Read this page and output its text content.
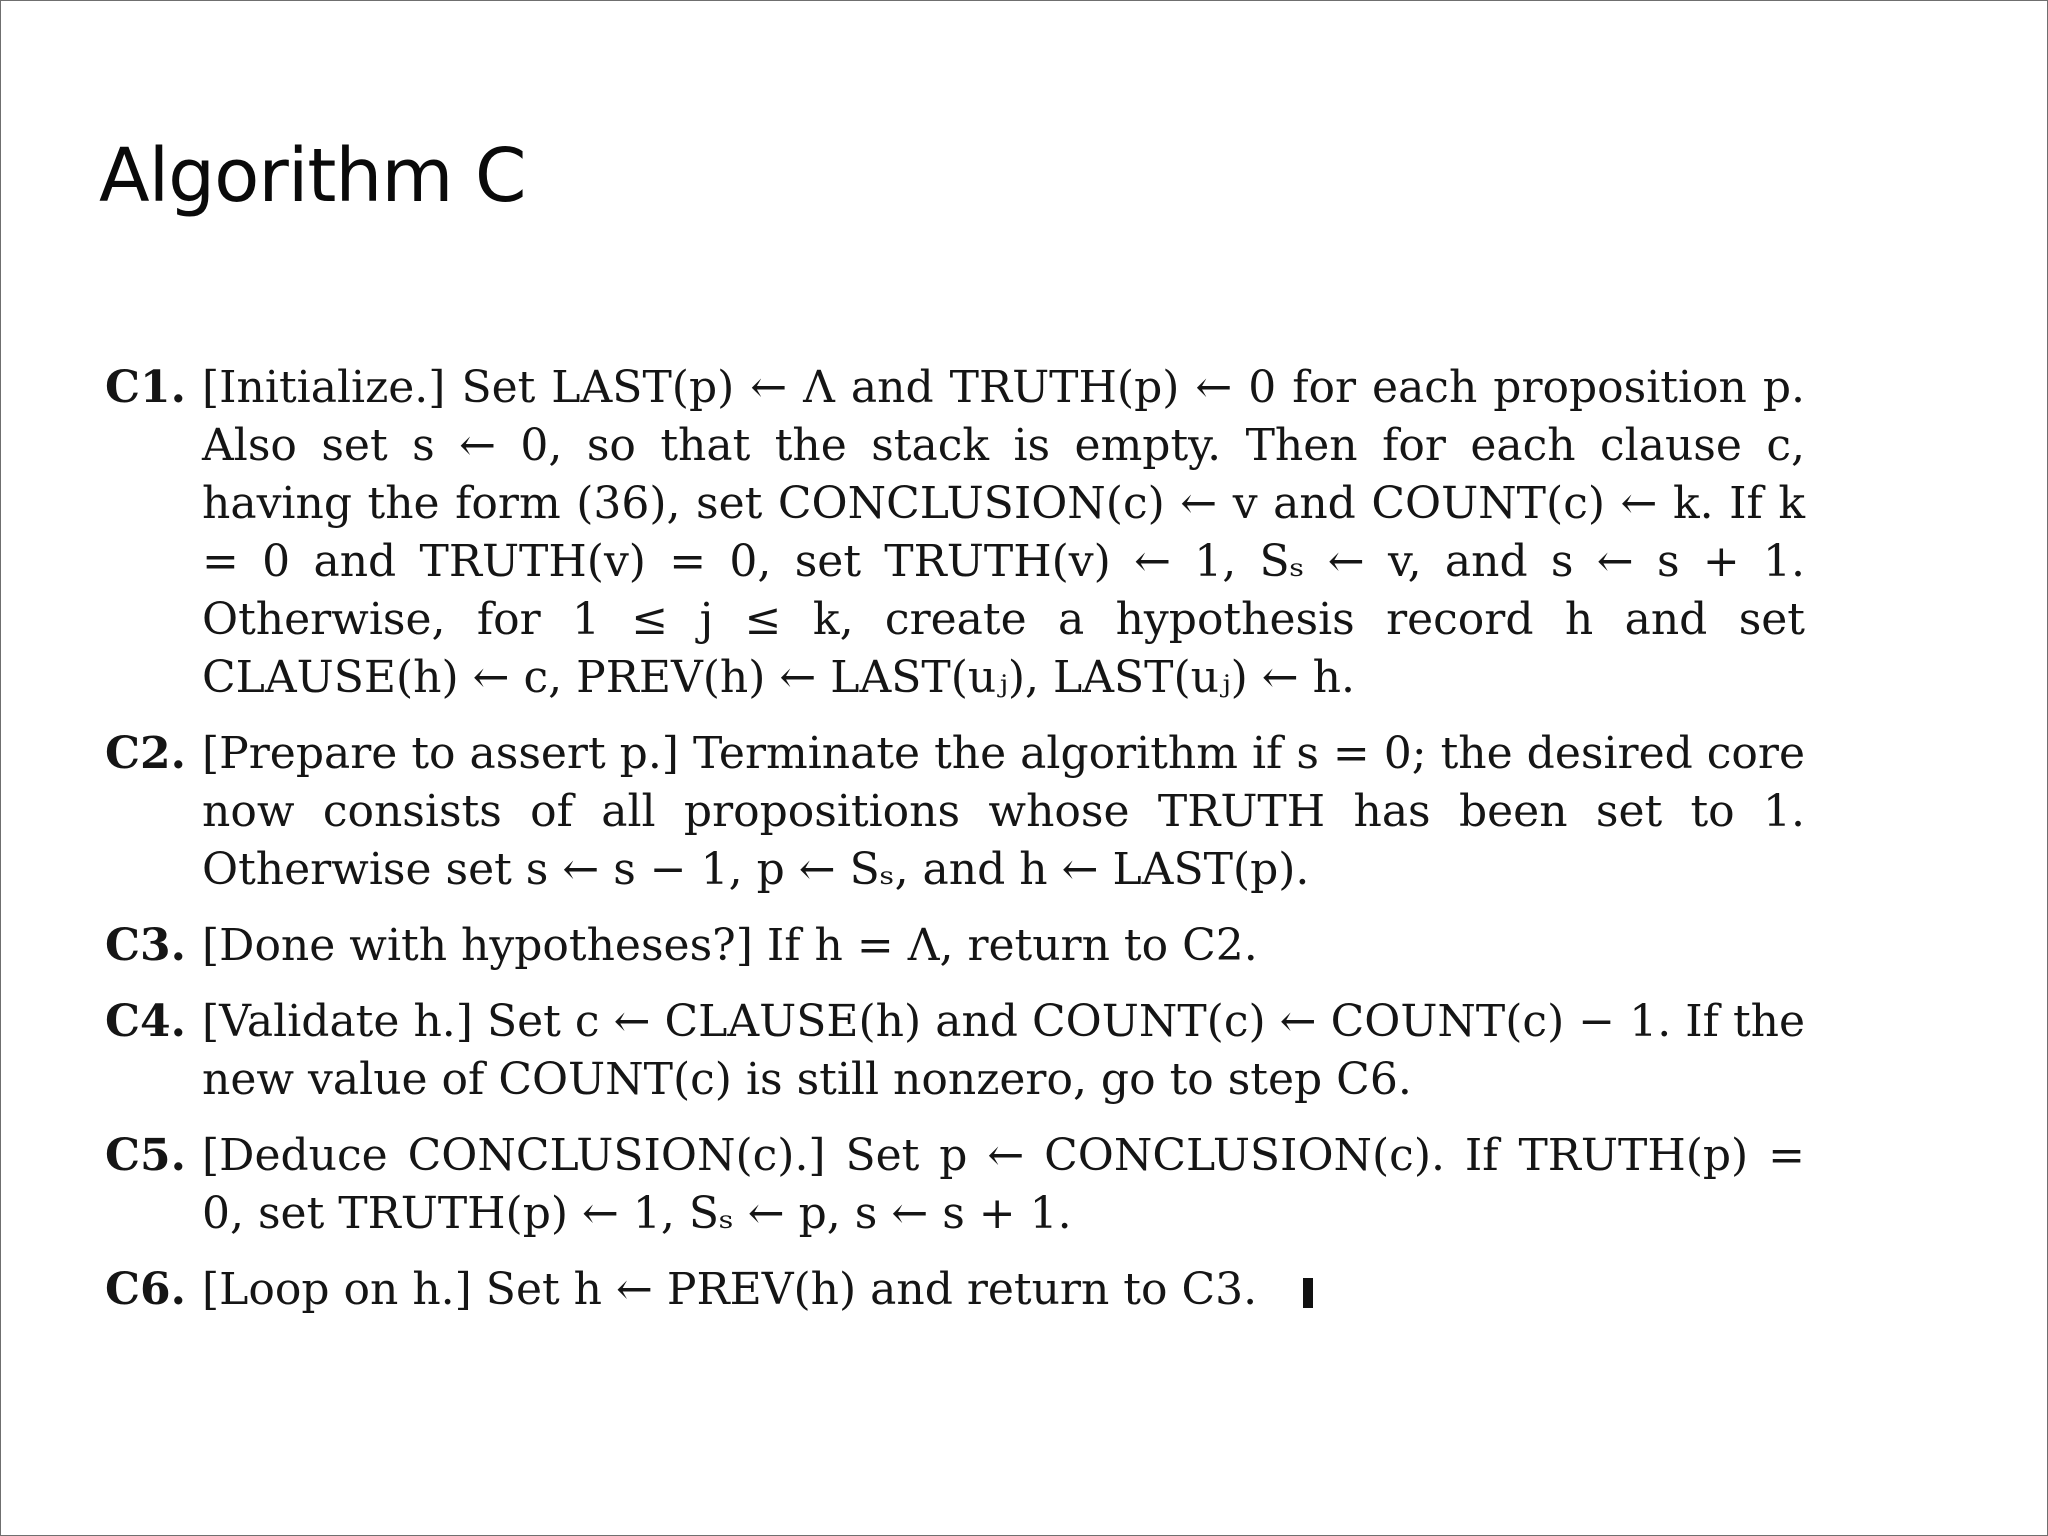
Algorithm C
C1. [Initialize.] Set LAST(p) ← Λ and TRUTH(p) ← 0 for each proposition p. Also set s ← 0, so that the stack is empty. Then for each clause c, having the form (36), set CONCLUSION(c) ← v and COUNT(c) ← k. If k = 0 and TRUTH(v) = 0, set TRUTH(v) ← 1, Sₛ ← v, and s ← s + 1. Otherwise, for 1 ≤ j ≤ k, create a hypothesis record h and set CLAUSE(h) ← c, PREV(h) ← LAST(uⱼ), LAST(uⱼ) ← h.
C2. [Prepare to assert p.] Terminate the algorithm if s = 0; the desired core now consists of all propositions whose TRUTH has been set to 1. Otherwise set s ← s − 1, p ← Sₛ, and h ← LAST(p).
C3. [Done with hypotheses?] If h = Λ, return to C2.
C4. [Validate h.] Set c ← CLAUSE(h) and COUNT(c) ← COUNT(c) − 1. If the new value of COUNT(c) is still nonzero, go to step C6.
C5. [Deduce CONCLUSION(c).] Set p ← CONCLUSION(c). If TRUTH(p) = 0, set TRUTH(p) ← 1, Sₛ ← p, s ← s + 1.
C6. [Loop on h.] Set h ← PREV(h) and return to C3.
